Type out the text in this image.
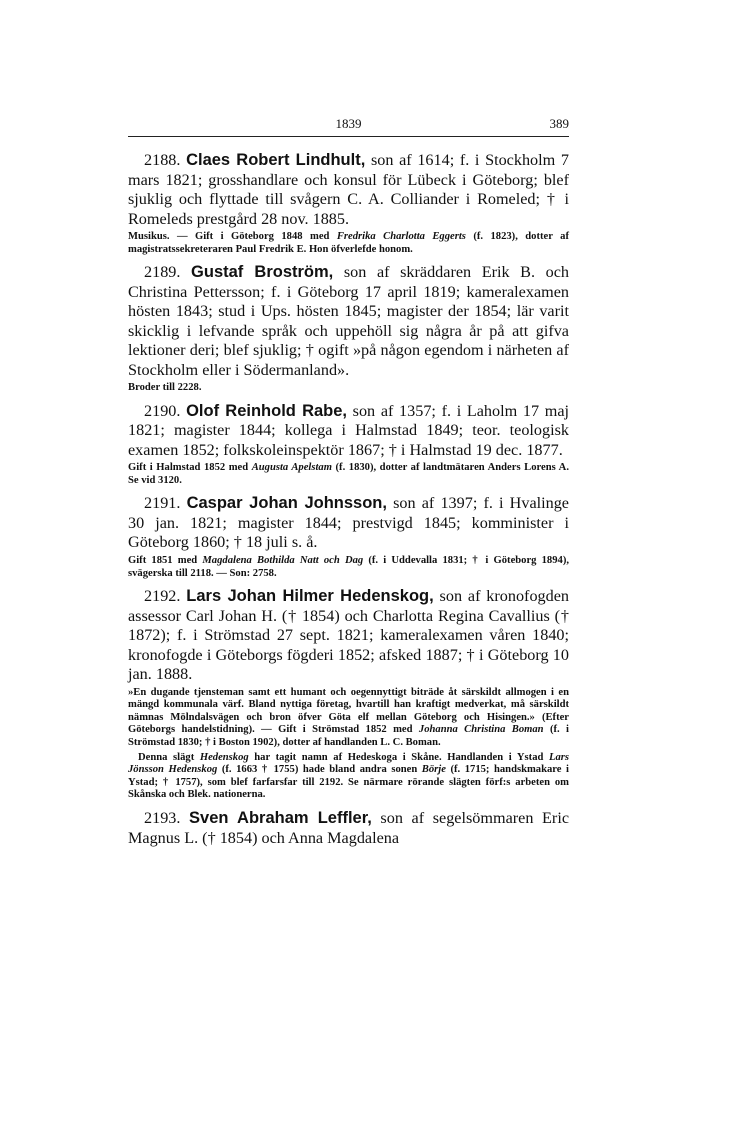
1839	389

2188. Claes Robert Lindhult, son af 1614; f. i Stockholm 7 mars 1821; grosshandlare och konsul för Lübeck i Göteborg; blef sjuklig och flyttade till svågern C. A. Colliander i Romeled; † i Romeleds prestgård 28 nov. 1885.

Musikus. — Gift i Göteborg 1848 med Fredrika Charlotta Eggerts (f. 1823), dotter af magistratssekreteraren Paul Fredrik E. Hon öfverlefde honom.

2189. Gustaf Broström, son af skräddaren Erik B. och Christina Pettersson; f. i Göteborg 17 april 1819; kameralexamen hösten 1843; stud i Ups. hösten 1845; magister der 1854; lär varit skicklig i lefvande språk och uppehöll sig några år på att gifva lektioner deri; blef sjuklig; † ogift »på någon egendom i närheten af Stockholm eller i Södermanland».

Broder till 2228.

2190. Olof Reinhold Rabe, son af 1357; f. i Laholm 17 maj 1821; magister 1844; kollega i Halmstad 1849; teor. teologisk examen 1852; folkskoleinspektör 1867; † i Halmstad 19 dec. 1877.

Gift i Halmstad 1852 med Augusta Apelstam (f. 1830), dotter af landtmätaren Anders Lorens A. Se vid 3120.

2191. Caspar Johan Johnsson, son af 1397; f. i Hvalinge 30 jan. 1821; magister 1844; prestvigd 1845; komminister i Göteborg 1860; † 18 juli s. å.

Gift 1851 med Magdalena Bothilda Natt och Dag (f. i Uddevalla 1831; † i Göteborg 1894), svägerska till 2118. — Son: 2758.

2192. Lars Johan Hilmer Hedenskog, son af kronofogden assessor Carl Johan H. († 1854) och Charlotta Regina Cavallius († 1872); f. i Strömstad 27 sept. 1821; kameralexamen våren 1840; kronofogde i Göteborgs fögderi 1852; afsked 1887; † i Göteborg 10 jan. 1888.

»En dugande tjensteman samt ett humant och oegennyttigt biträde åt särskildt allmogen i en mängd kommunala värf. Bland nyttiga företag, hvartill han kraftigt medverkat, må särskildt nämnas Mölndalsvägen och bron öfver Göta elf mellan Göteborg och Hisingen.» (Efter Göteborgs handelstidning). — Gift i Strömstad 1852 med Johanna Christina Boman (f. i Strömstad 1830; † i Boston 1902), dotter af handlanden L. C. Boman.

Denna slägt Hedenskog har tagit namn af Hedeskoga i Skåne. Handlanden i Ystad Lars Jönsson Hedenskog (f. 1663 † 1755) hade bland andra sonen Börje (f. 1715; handskmakare i Ystad; † 1757), som blef farfarsfar till 2192. Se närmare rörande slägten förf:s arbeten om Skånska och Blek. nationerna.

2193. Sven Abraham Leffler, son af segelsömmaren Eric Magnus L. († 1854) och Anna Magdalena
